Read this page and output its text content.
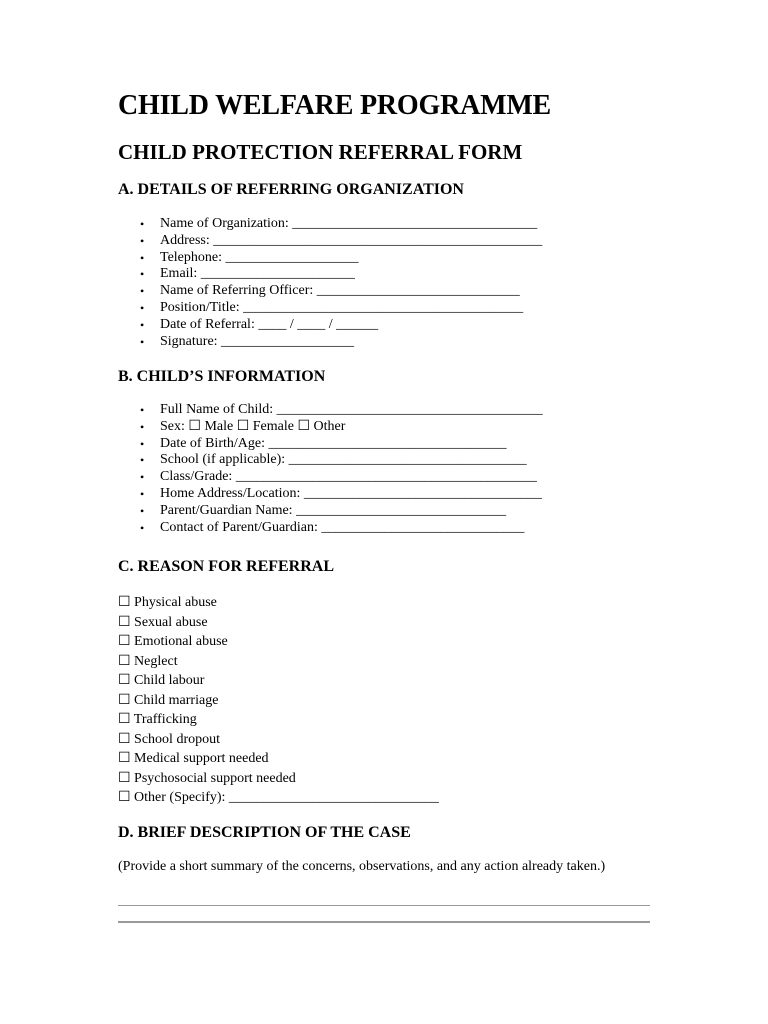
CHILD WELFARE PROGRAMME
CHILD PROTECTION REFERRAL FORM
A. DETAILS OF REFERRING ORGANIZATION
• Name of Organization: ___________________________________
• Address: _______________________________________________
• Telephone: ___________________
• Email: ______________________
• Name of Referring Officer: _____________________________
• Position/Title: ________________________________________
• Date of Referral: ____ / ____ / ______
• Signature: ___________________
B. CHILD’S INFORMATION
• Full Name of Child: ______________________________________
• Sex: ☐ Male ☐ Female ☐ Other
• Date of Birth/Age: __________________________________
• School (if applicable): __________________________________
• Class/Grade: ___________________________________________
• Home Address/Location: __________________________________
• Parent/Guardian Name: ______________________________
• Contact of Parent/Guardian: _____________________________
C. REASON FOR REFERRAL
☐ Physical abuse
☐ Sexual abuse
☐ Emotional abuse
☐ Neglect
☐ Child labour
☐ Child marriage
☐ Trafficking
☐ School dropout
☐ Medical support needed
☐ Psychosocial support needed
☐ Other (Specify): ______________________________
D. BRIEF DESCRIPTION OF THE CASE

(Provide a short summary of the concerns, observations, and any action already taken.)
